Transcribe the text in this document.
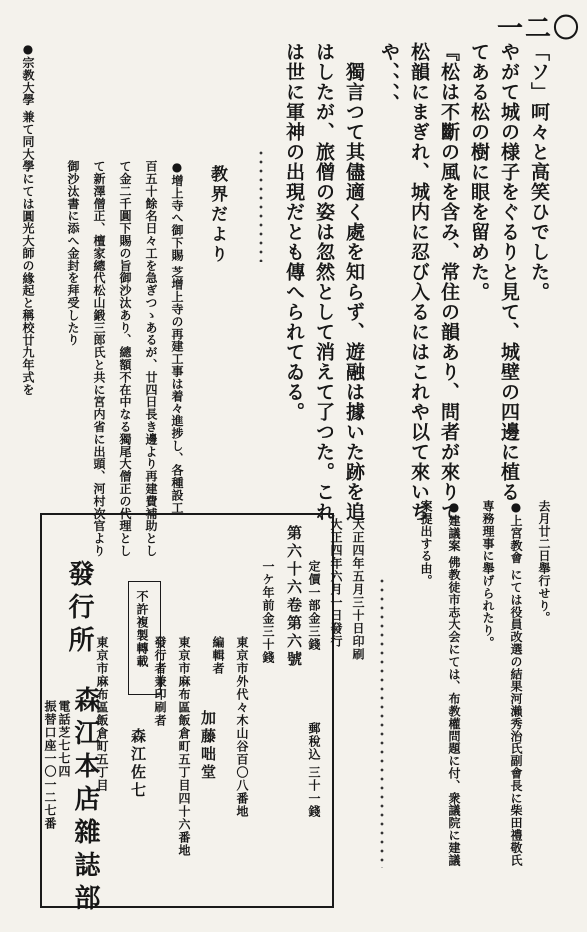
一二〇
「ソ」呵々と高笑ひでした。
やがて城の様子をぐるりと見て、城壁の四邊に植る
てある松の樹に眼を留めた。
『松は不斷の風を含み、常住の韻あり、問者が來りて
松韻にまぎれ、城内に忍び入るにはこれや以て來いぢ
や、、、、
獨言つて其儘適く處を知らず、遊融は據いた跡を追
はしたが、旅僧の姿は忽然として消えて了つた。これ
は世に軍神の出現だとも傳へられてゐる。
教界だより
●增上寺へ御下賜 芝增上寺の再建工事は着々進捗し、各種設工
百五十餘名日々工を急ぎつゝあるが、廿四日長き邊より再建費補助とし
て金二千圓下賜の旨御沙汰あり、總額不在中なる獨尾大僧正の代理とし
て新澤僧正、檀家總代松山鍛三郎氏と共に宮内省に出頭、河村次官より
御沙汰書に添へ金封を拜受したり
●宗教大學 兼て同大學にては圓光大師の緣起と稱校廿九年式を
去月廿二日舉行せり。
●上宮教會 にては役員改選の結果河瀨秀治氏副會長に柴田禮敬氏
専務理事に舉げられたり。
●建議案 佛教徒市志大会にては、布教權問題に付、衆議院に建議
案提出する由。
第六十六卷第六號
不許複製轉載	大正四年五月三十日印刷
大正四年六月一日發行
定價一部金三錢
郵稅込 三十一錢
一ケ年前金三十錢
東京市外代々木山谷百〇八番地
編輯者
加藤咄堂
東京市麻布區飯倉町五丁目四十六番地
發行者兼印刷者
森江佐七
發行所
東京市麻布區飯倉町五丁目
森江本店雜誌部
電話芝七七四
振替口座一〇一二七番
